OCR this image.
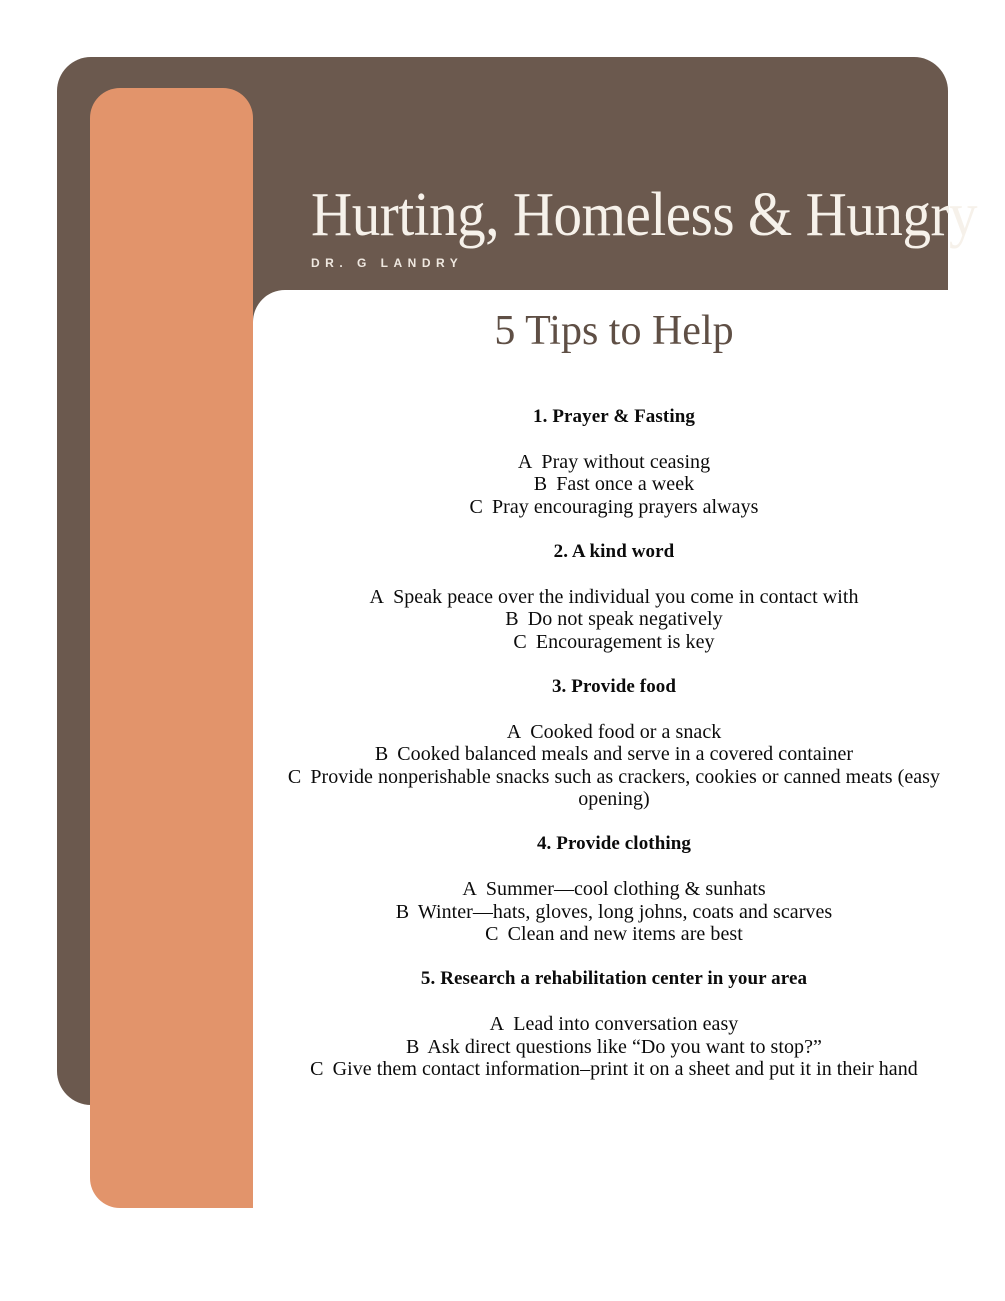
Hurting, Homeless & Hungry
DR. G LANDRY
5 Tips to Help
1. Prayer & Fasting
A Pray without ceasing
B Fast once a week
C Pray encouraging prayers always
2. A kind word
A Speak peace over the individual you come in contact with
B Do not speak negatively
C Encouragement is key
3. Provide food
A Cooked food or a snack
B Cooked balanced meals and serve in a covered container
C Provide nonperishable snacks such as crackers, cookies or canned meats (easy opening)
4. Provide clothing
A Summer—cool clothing & sunhats
B Winter—hats, gloves, long johns, coats and scarves
C Clean and new items are best
5. Research a rehabilitation center in your area
A Lead into conversation easy
B Ask direct questions like “Do you want to stop?”
C Give them contact information–print it on a sheet and put it in their hand
